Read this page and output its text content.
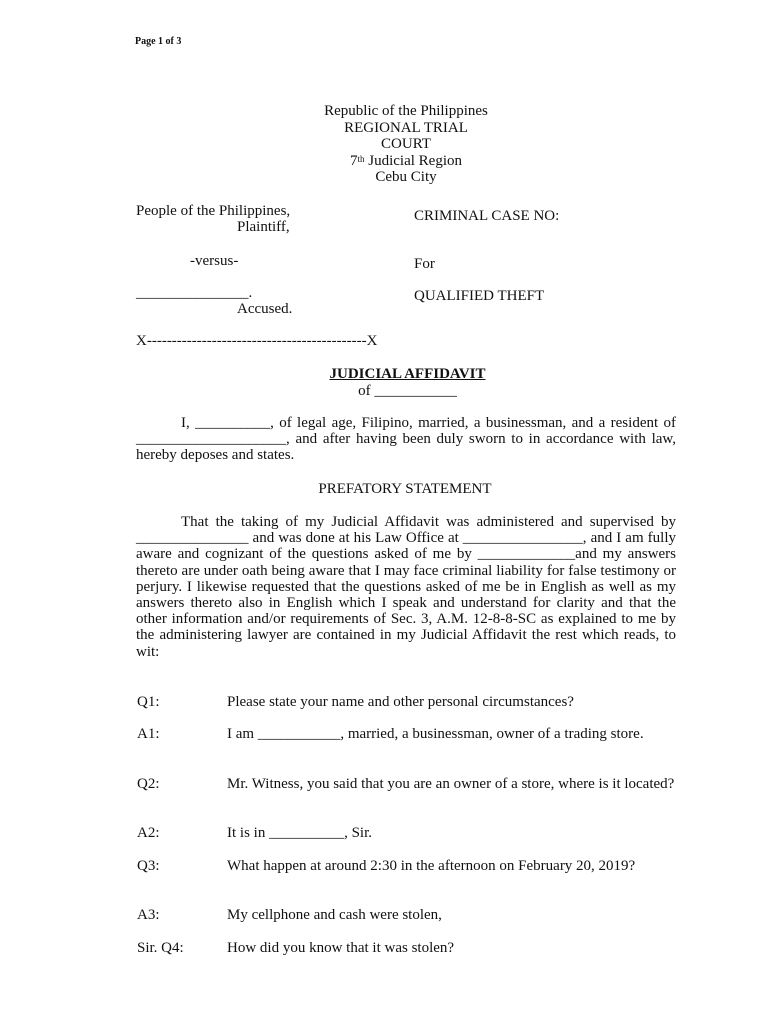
Page 1 of 3
Republic of the Philippines
REGIONAL TRIAL
COURT
7th Judicial Region
Cebu City
People of the Philippines,
Plaintiff,
-versus-
_______________.
Accused.
CRIMINAL CASE NO:
For
QUALIFIED THEFT
X--------------------------------------------X
JUDICIAL AFFIDAVIT
of ___________
I, __________, of legal age, Filipino, married, a businessman, and a resident of ____________________, and after having been duly sworn to in accordance with law, hereby deposes and states.
PREFATORY STATEMENT
That the taking of my Judicial Affidavit was administered and supervised by _______________ and was done at his Law Office at ________________, and I am fully aware and cognizant of the questions asked of me by _____________and my answers thereto are under oath being aware that I may face criminal liability for false testimony or perjury. I likewise requested that the questions asked of me be in English as well as my answers thereto also in English which I speak and understand for clarity and that the other information and/or requirements of Sec. 3, A.M. 12-8-8-SC as explained to me by the administering lawyer are contained in my Judicial Affidavit the rest which reads, to wit:
Q1:	Please state your name and other personal circumstances?
A1:	I am ___________, married, a businessman, owner of a trading store.
Q2:	Mr. Witness, you said that you are an owner of a store, where is it located?
A2:	It is in __________, Sir.
Q3:	What happen at around 2:30 in the afternoon on February 20, 2019?
A3:	My cellphone and cash were stolen,
Sir. Q4:	How did you know that it was stolen?
